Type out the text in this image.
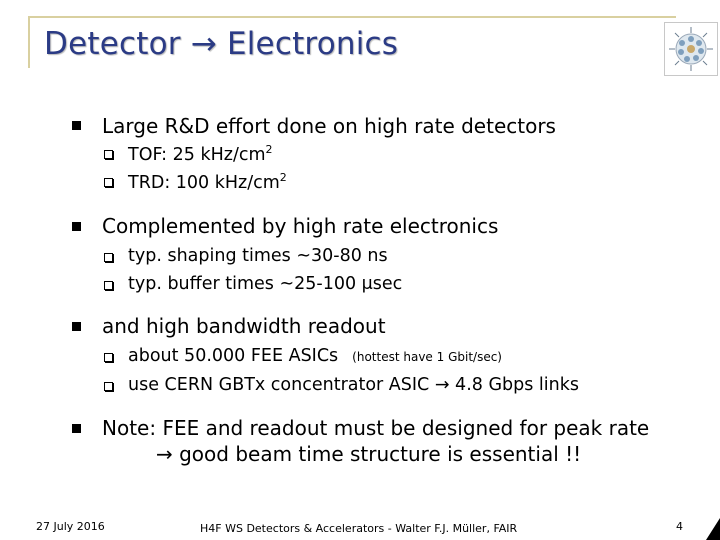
Detector → Electronics
Large R&D effort done on high rate detectors
TOF: 25 kHz/$cm^2$
TRD: 100 kHz/$cm^2$
Complemented by high rate electronics
typ. shaping times ~30-80 ns
typ. buffer times ~25-100 μsec
and high bandwidth readout
about 50.000 FEE ASICs (hottest have 1 Gbit/sec)
use CERN GBTx concentrator ASIC → 4.8 Gbps links
Note: FEE and readout must be designed for peak rate
→ good beam time structure is essential !!
27 July 2016	H4F WS Detectors & Accelerators - Walter F.J. Müller, FAIR	4
